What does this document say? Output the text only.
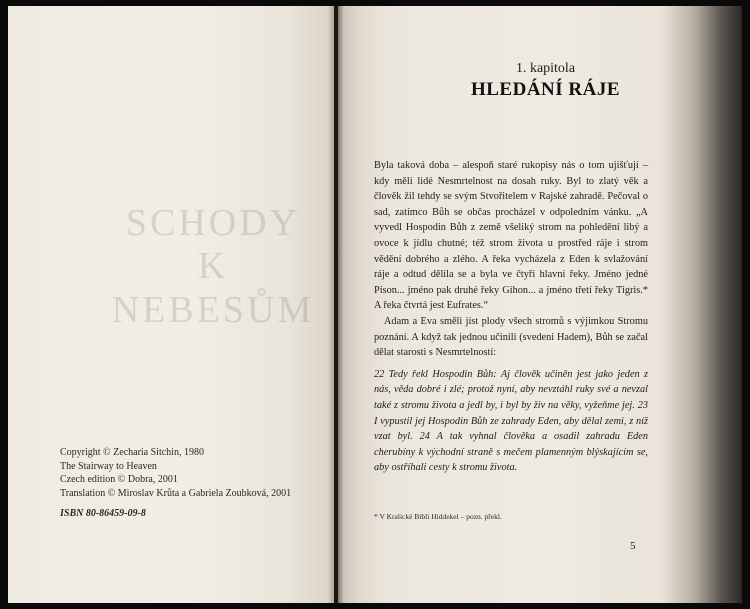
SCHODY
K NEBESŮM
Copyright © Zecharia Sitchin, 1980
The Stairway to Heaven
Czech edition © Dobra, 2001
Translation © Miroslav Krůta a Gabriela Zoubková, 2001
ISBN 80-86459-09-8
1. kapitola
HLEDÁNÍ RÁJE

Byla taková doba – alespoň staré rukopisy nás o tom ujišťují – kdy měli lidé Nesmrtelnost na dosah ruky. Byl to zlatý věk a člověk žil tehdy se svým Stvořitelem v Rajské zahradě. Pečoval o sad, zatímco Bůh se občas procházel v odpoledním vánku. „A vyvedl Hospodin Bůh z země všeliký strom na pohledění libý a ovoce k jídlu chutné; též strom života u prostřed ráje i strom vědění dobrého a zlého. A řeka vycházela z Eden k svlažování ráje a odtud dělila se a byla ve čtyři hlavní řeky. Jméno jedné Píson... jméno pak druhé řeky Gihon... a jméno třetí řeky Tigris.* A řeka čtvrtá jest Eufrates.“

Adam a Eva směli jíst plody všech stromů s výjimkou Stromu poznání. A když tak jednou učinili (svedeni Hadem), Bůh se začal dělat starosti s Nesmrtelností:

22 Tedy řekl Hospodin Bůh: Aj člověk učiněn jest jako jeden z nás, věda dobré i zlé; protož nyní, aby nevztáhl ruky své a nevzal také z stromu života a jedl by, i byl by živ na věky, vyžeňme jej. 23 I vypustil jej Hospodin Bůh ze zahrady Eden, aby dělal zemi, z níž vzat byl. 24 A tak vyhnal člověka a osadil zahradu Eden cherubíny k východní straně s mečem plamenným blýskajícím se, aby ostříhali cesty k stromu života.

* V Kralické Bibli Hiddekel – pozn. překl.
5
